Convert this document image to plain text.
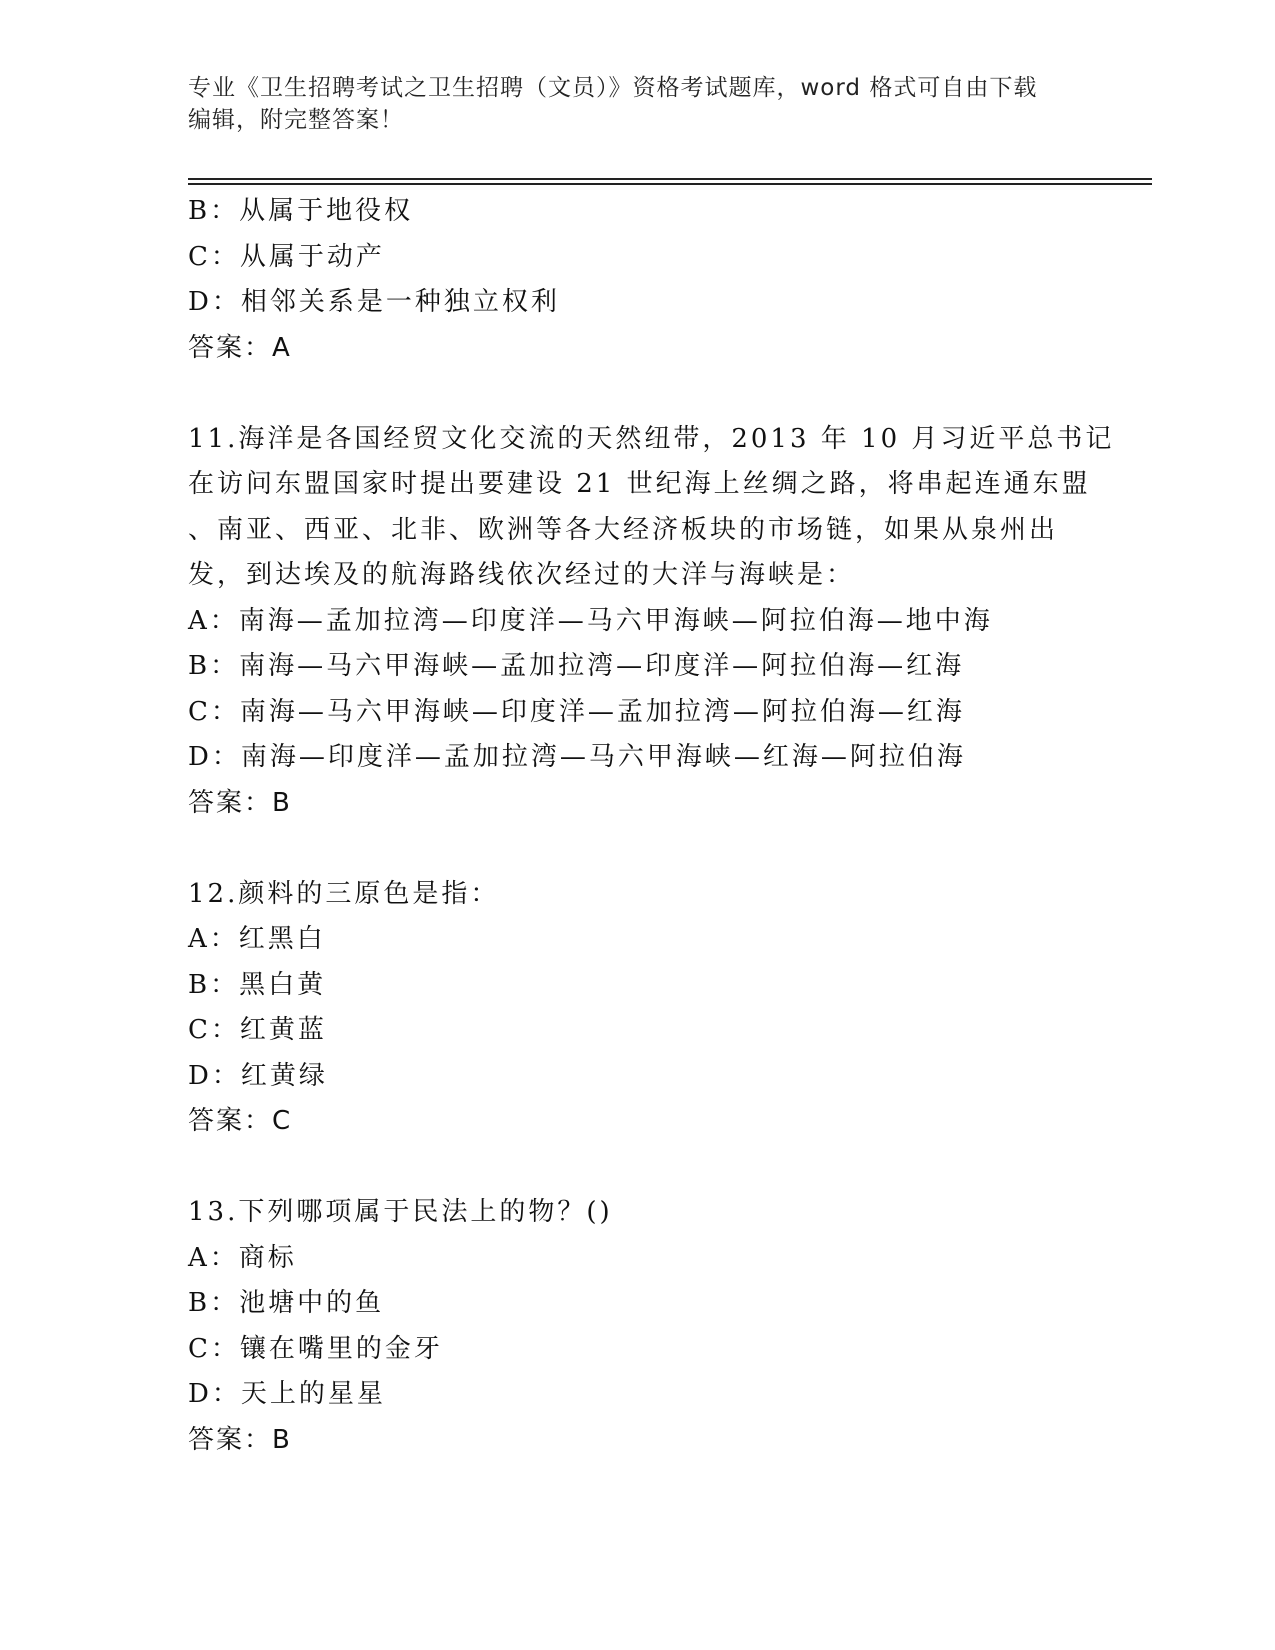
专业《卫生招聘考试之卫生招聘（文员）》资格考试题库，word 格式可自由下载
编辑，附完整答案！
B：从属于地役权
C：从属于动产
D：相邻关系是一种独立权利
答案：A
11.海洋是各国经贸文化交流的天然纽带，2013 年 10 月习近平总书记
在访问东盟国家时提出要建设 21 世纪海上丝绸之路，将串起连通东盟
、南亚、西亚、北非、欧洲等各大经济板块的市场链，如果从泉州出
发，到达埃及的航海路线依次经过的大洋与海峡是：
A：南海—孟加拉湾—印度洋—马六甲海峡—阿拉伯海—地中海
B：南海—马六甲海峡—孟加拉湾—印度洋—阿拉伯海—红海
C：南海—马六甲海峡—印度洋—孟加拉湾—阿拉伯海—红海
D：南海—印度洋—孟加拉湾—马六甲海峡—红海—阿拉伯海
答案：B
12.颜料的三原色是指：
A：红黑白
B：黑白黄
C：红黄蓝
D：红黄绿
答案：C
13.下列哪项属于民法上的物？()
A：商标
B：池塘中的鱼
C：镶在嘴里的金牙
D：天上的星星
答案：B
